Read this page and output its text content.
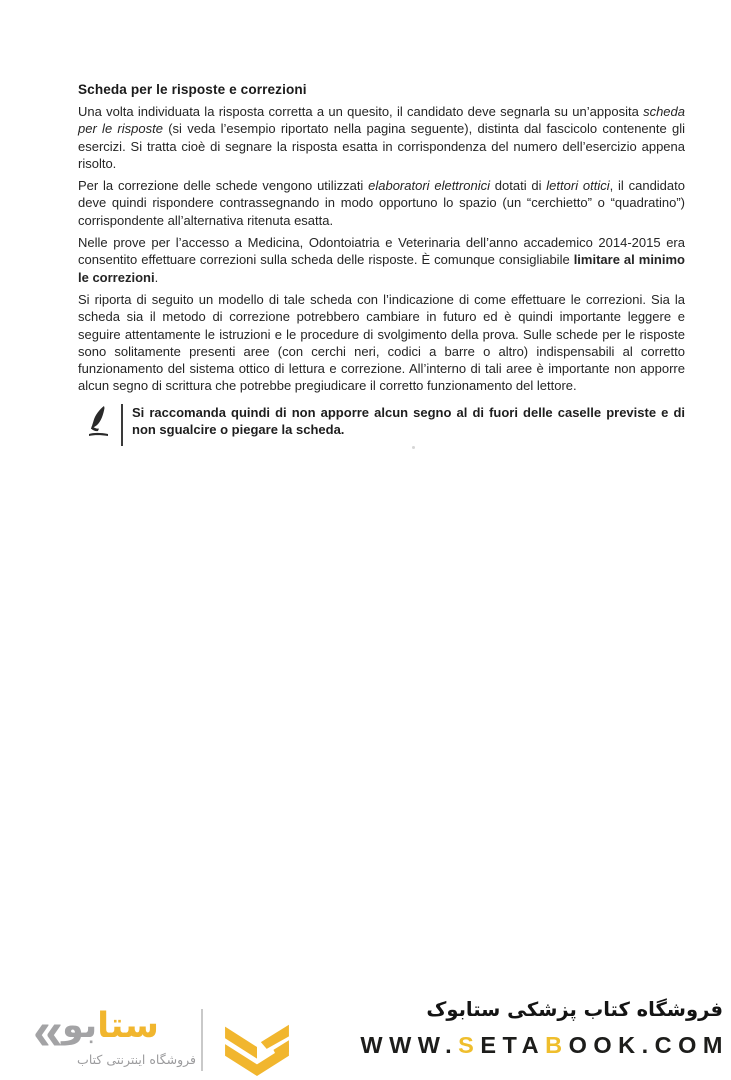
Scheda per le risposte e correzioni

Una volta individuata la risposta corretta a un quesito, il candidato deve segnarla su un’apposita scheda per le risposte (si veda l’esempio riportato nella pagina seguente), distinta dal fascicolo contenente gli esercizi. Si tratta cioè di segnare la risposta esatta in corrispondenza del numero dell’esercizio appena risolto.

Per la correzione delle schede vengono utilizzati elaboratori elettronici dotati di lettori ottici, il candidato deve quindi rispondere contrassegnando in modo opportuno lo spazio (un “cerchietto” o “quadratino”) corrispondente all’alternativa ritenuta esatta.

Nelle prove per l’accesso a Medicina, Odontoiatria e Veterinaria dell’anno accademico 2014-2015 era consentito effettuare correzioni sulla scheda delle risposte. È comunque consigliabile limitare al minimo le correzioni.

Si riporta di seguito un modello di tale scheda con l’indicazione di come effettuare le correzioni. Sia la scheda sia il metodo di correzione potrebbero cambiare in futuro ed è quindi importante leggere e seguire attentamente le istruzioni e le procedure di svolgimento della prova. Sulle schede per le risposte sono solitamente presenti aree (con cerchi neri, codici a barre o altro) indispensabili al corretto funzionamento del sistema ottico di lettura e correzione. All’interno di tali aree è importante non apporre alcun segno di scrittura che potrebbe pregiudicare il corretto funzionamento del lettore.

Si raccomanda quindi di non apporre alcun segno al di fuori delle caselle previste e di non sgualcire o piegare la scheda.

« ستابو
فروشگاه اینترنتی کتاب
فروشگاه کتاب پزشکی ستابوک
WWW.SETABOOK.COM
